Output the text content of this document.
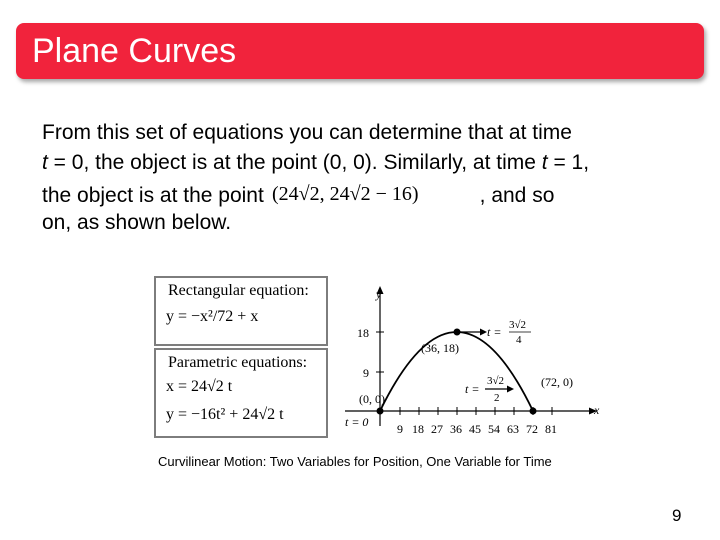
Plane Curves
From this set of equations you can determine that at time
t = 0, the object is at the point (0, 0). Similarly, at time t = 1,
the object is at the point (24√2, 24√2 − 16)	, and so
on, as shown below.
Rectangular equation:
y = −x²/72 + x
Parametric equations:
x = 24√2 t
y = −16t² + 24√2 t
y
x
18
9
9 18 27 36 45 54 63 72 81
(36, 18)
(0, 0)
(72, 0)
t = 0
t = 3√2
4
t =
3√2
2
Curvilinear Motion: Two Variables for Position, One Variable for Time
9
